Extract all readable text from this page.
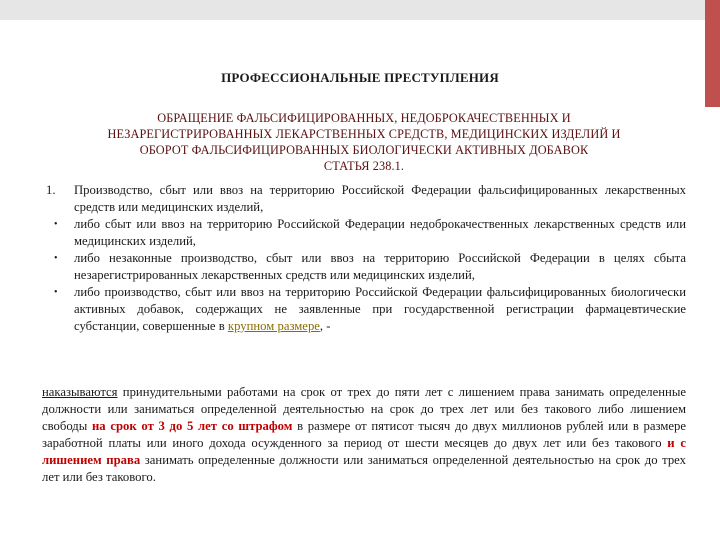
ПРОФЕССИОНАЛЬНЫЕ ПРЕСТУПЛЕНИЯ
ОБРАЩЕНИЕ ФАЛЬСИФИЦИРОВАННЫХ, НЕДОБРОКАЧЕСТВЕННЫХ И
НЕЗАРЕГИСТРИРОВАННЫХ ЛЕКАРСТВЕННЫХ СРЕДСТВ, МЕДИЦИНСКИХ ИЗДЕЛИЙ И
ОБОРОТ ФАЛЬСИФИЦИРОВАННЫХ БИОЛОГИЧЕСКИ АКТИВНЫХ ДОБАВОК
СТАТЬЯ 238.1.
1.	Производство, сбыт или ввоз на территорию Российской Федерации фальсифицированных лекарственных средств или медицинских изделий,
•	либо сбыт или ввоз на территорию Российской Федерации недоброкачественных лекарственных средств или медицинских изделий,
•	либо незаконные производство, сбыт или ввоз на территорию Российской Федерации в целях сбыта незарегистрированных лекарственных средств или медицинских изделий,
•	либо производство, сбыт или ввоз на территорию Российской Федерации фальсифицированных биологически активных добавок, содержащих не заявленные при государственной регистрации фармацевтические субстанции, совершенные в крупном размере, -
наказываются принудительными работами на срок от трех до пяти лет с лишением права занимать определенные должности или заниматься определенной деятельностью на срок до трех лет или без такового либо лишением свободы на срок от 3 до 5 лет со штрафом в размере от пятисот тысяч до двух миллионов рублей или в размере заработной платы или иного дохода осужденного за период от шести месяцев до двух лет или без такового и с лишением права занимать определенные должности или заниматься определенной деятельностью на срок до трех лет или без такового.
